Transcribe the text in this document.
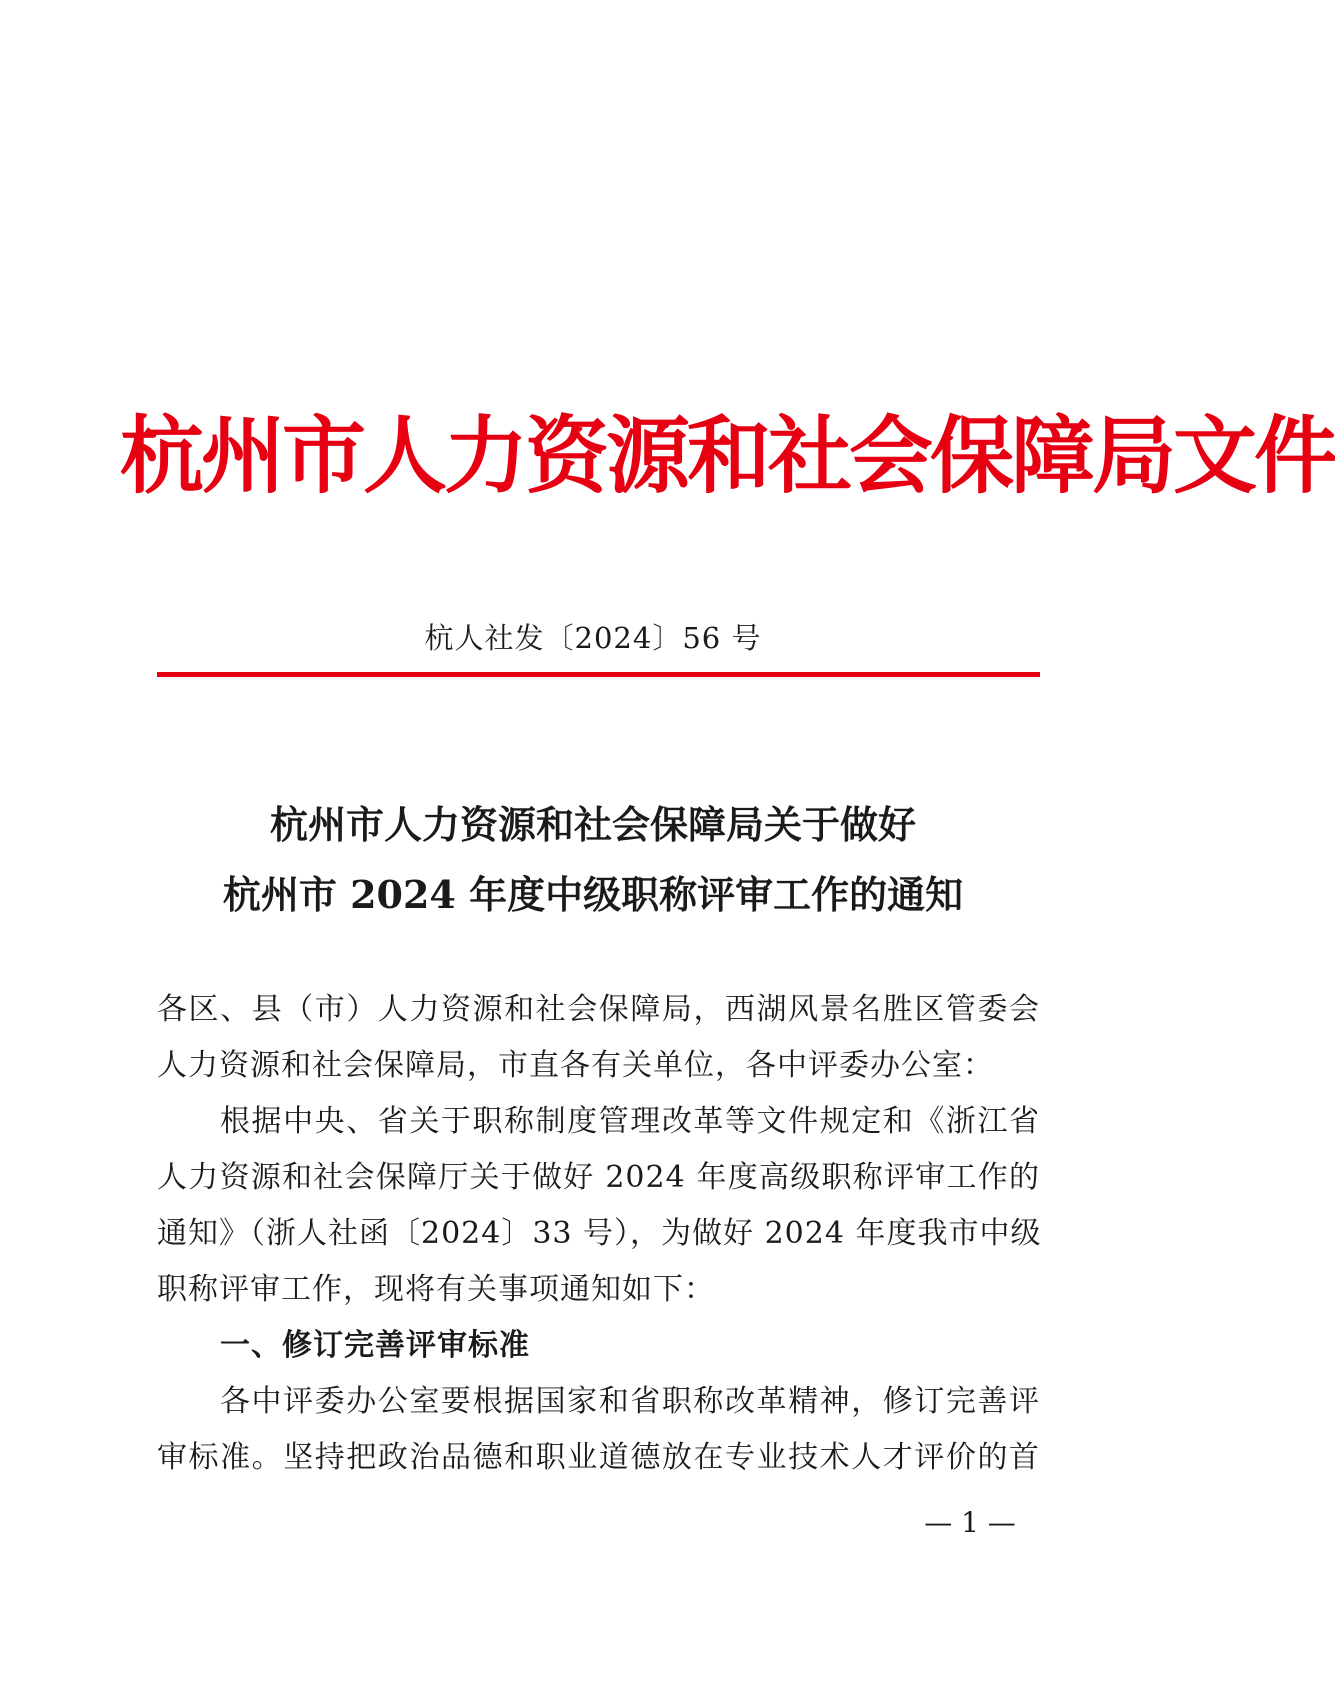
杭州市人力资源和社会保障局文件
杭人社发〔2024〕56 号
杭州市人力资源和社会保障局关于做好
杭州市 2024 年度中级职称评审工作的通知
各区、县（市）人力资源和社会保障局，西湖风景名胜区管委会
人力资源和社会保障局，市直各有关单位，各中评委办公室：
根据中央、省关于职称制度管理改革等文件规定和《浙江省
人力资源和社会保障厅关于做好 2024 年度高级职称评审工作的
通知》（浙人社函〔2024〕33 号），为做好 2024 年度我市中级
职称评审工作，现将有关事项通知如下：
一、修订完善评审标准
各中评委办公室要根据国家和省职称改革精神，修订完善评
审标准。坚持把政治品德和职业道德放在专业技术人才评价的首
— 1 —
